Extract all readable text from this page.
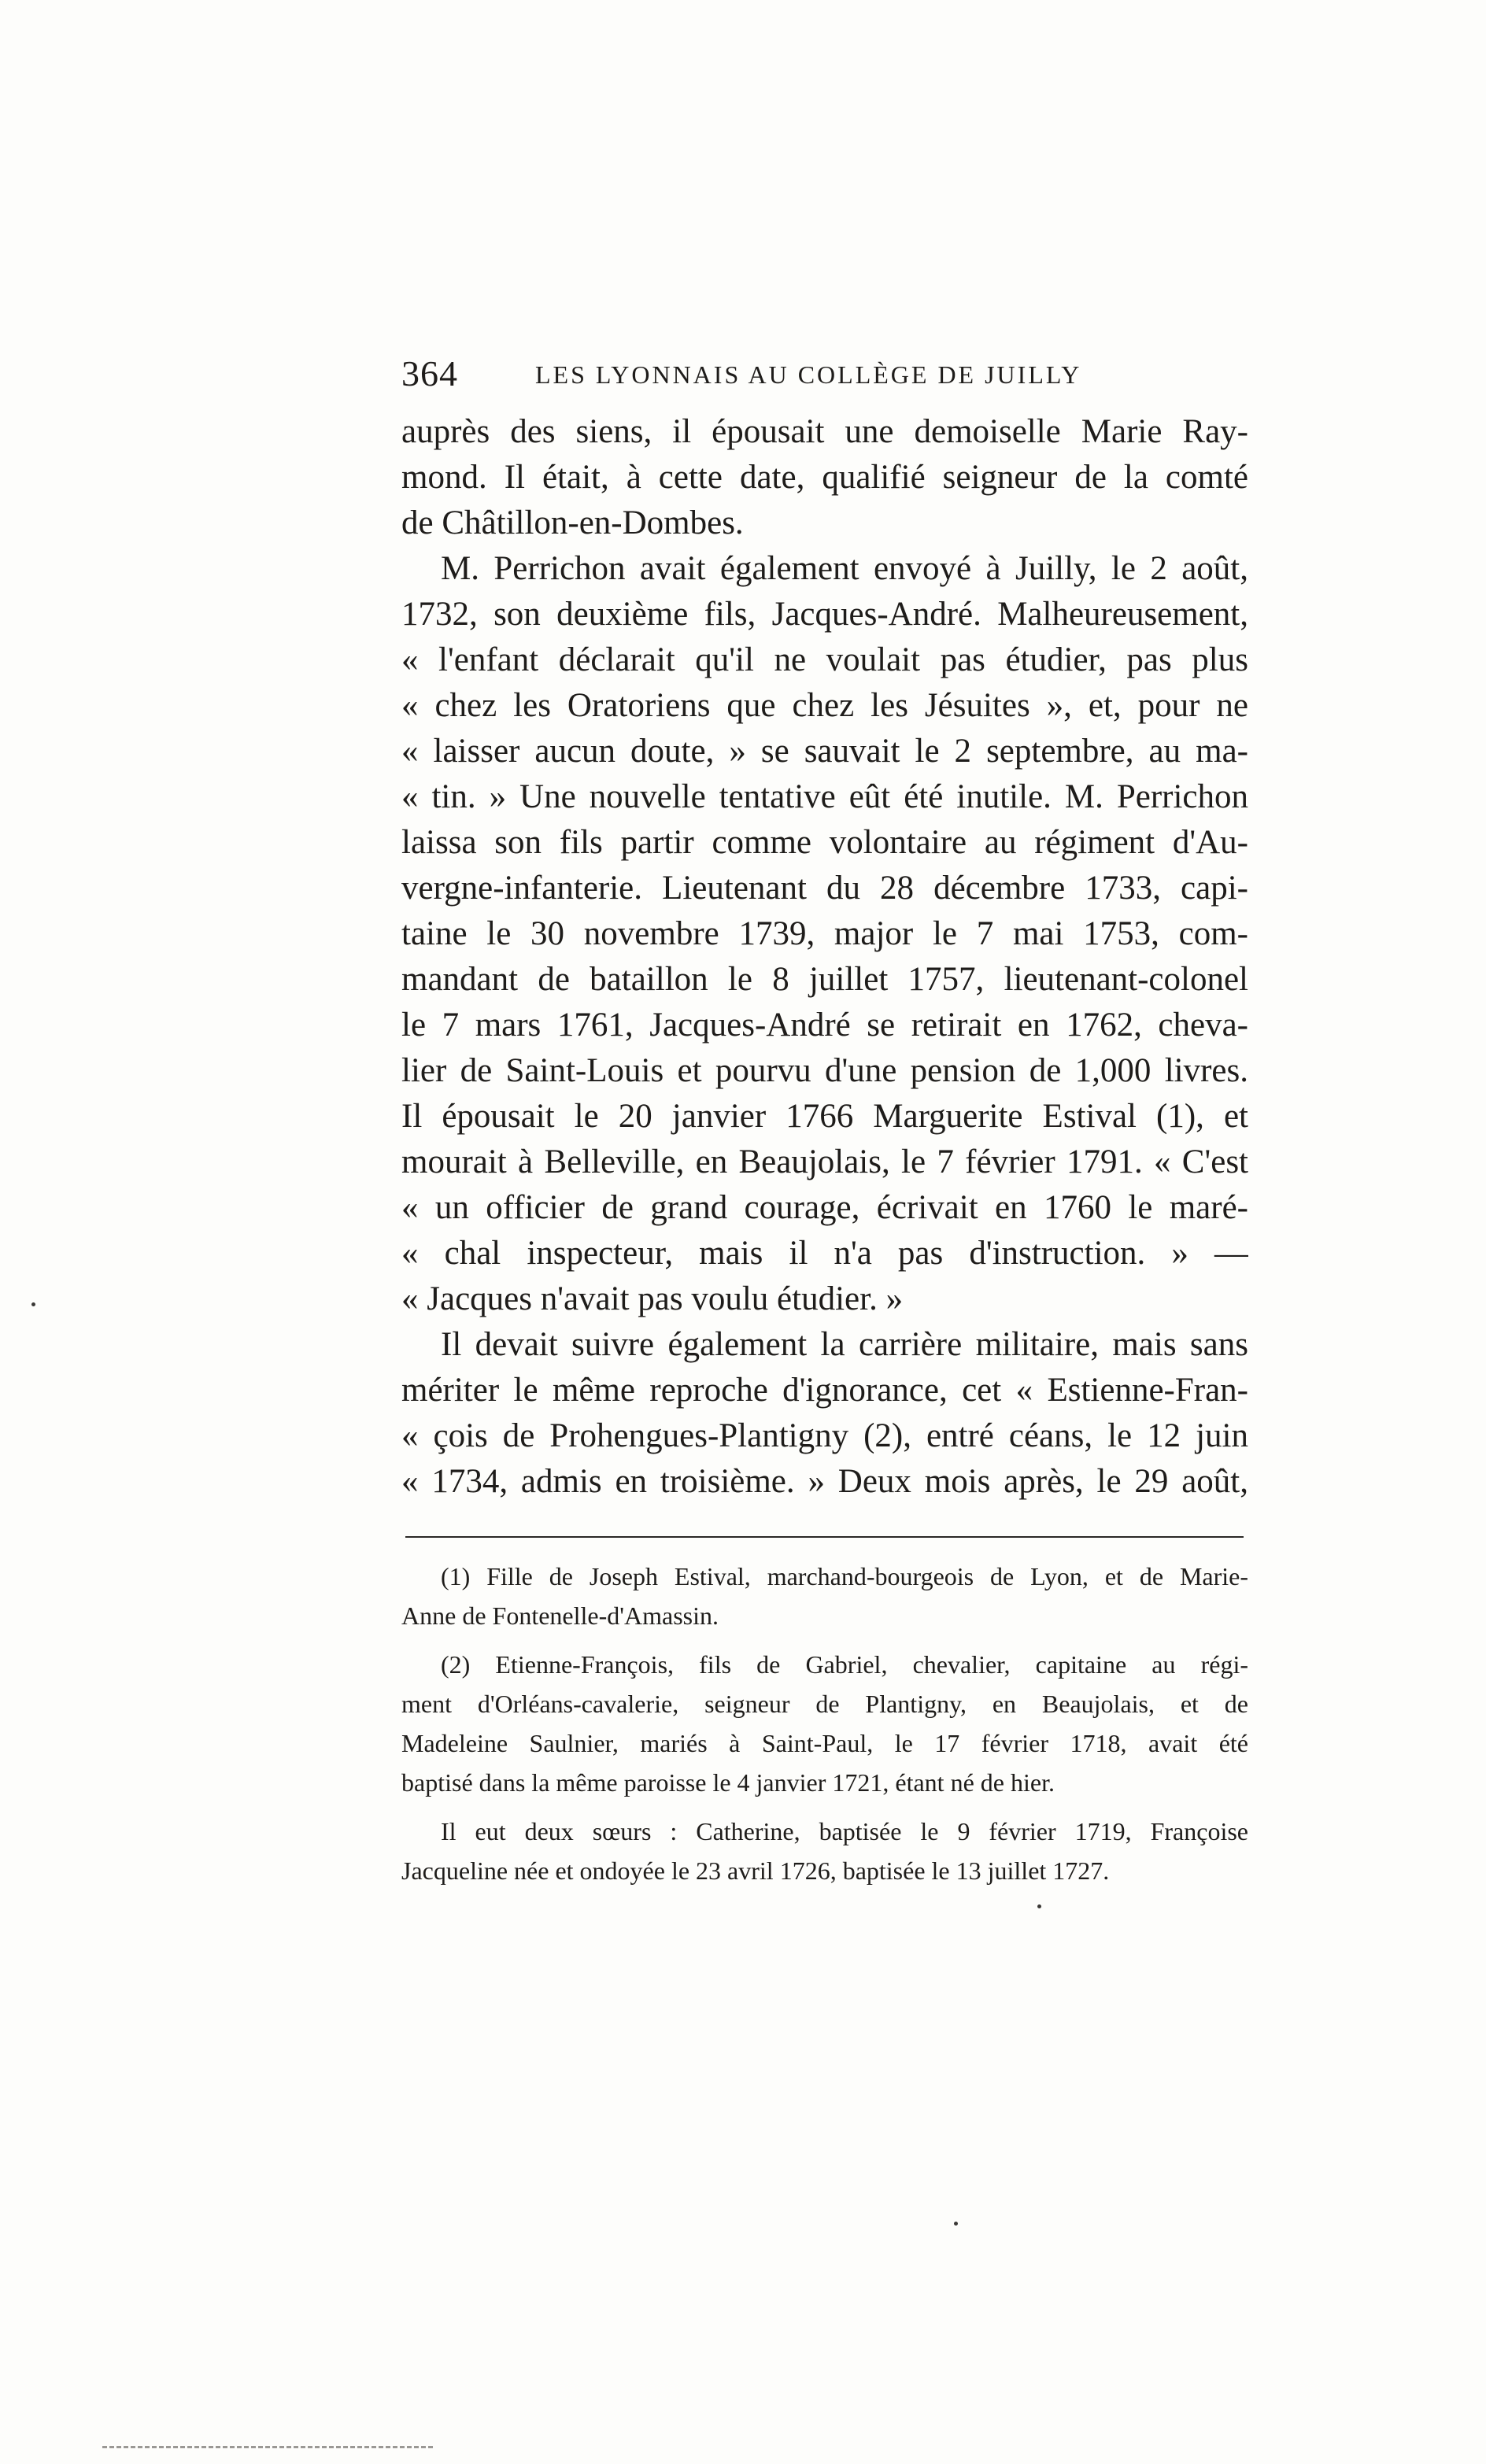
364	LES LYONNAIS AU COLLÈGE DE JUILLY
auprès des siens, il épousait une demoiselle Marie Ray-
mond. Il était, à cette date, qualifié seigneur de la comté
de Châtillon-en-Dombes.
M. Perrichon avait également envoyé à Juilly, le 2 août,
1732, son deuxième fils, Jacques-André. Malheureusement,
« l'enfant déclarait qu'il ne voulait pas étudier, pas plus
« chez les Oratoriens que chez les Jésuites », et, pour ne
« laisser aucun doute, » se sauvait le 2 septembre, au ma-
« tin. » Une nouvelle tentative eût été inutile. M. Perrichon
laissa son fils partir comme volontaire au régiment d'Au-
vergne-infanterie. Lieutenant du 28 décembre 1733, capi-
taine le 30 novembre 1739, major le 7 mai 1753, com-
mandant de bataillon le 8 juillet 1757, lieutenant-colonel
le 7 mars 1761, Jacques-André se retirait en 1762, cheva-
lier de Saint-Louis et pourvu d'une pension de 1,000 livres.
Il épousait le 20 janvier 1766 Marguerite Estival (1), et
mourait à Belleville, en Beaujolais, le 7 février 1791. « C'est
« un officier de grand courage, écrivait en 1760 le maré-
« chal inspecteur, mais il n'a pas d'instruction. » —
« Jacques n'avait pas voulu étudier. »
Il devait suivre également la carrière militaire, mais sans
mériter le même reproche d'ignorance, cet « Estienne-Fran-
« çois de Prohengues-Plantigny (2), entré céans, le 12 juin
« 1734, admis en troisième. » Deux mois après, le 29 août,
(1) Fille de Joseph Estival, marchand-bourgeois de Lyon, et de Marie-
Anne de Fontenelle-d'Amassin.
(2) Etienne-François, fils de Gabriel, chevalier, capitaine au régi-
ment d'Orléans-cavalerie, seigneur de Plantigny, en Beaujolais, et de
Madeleine Saulnier, mariés à Saint-Paul, le 17 février 1718, avait été
baptisé dans la même paroisse le 4 janvier 1721, étant né de hier.
Il eut deux sœurs : Catherine, baptisée le 9 février 1719, Françoise
Jacqueline née et ondoyée le 23 avril 1726, baptisée le 13 juillet 1727.
